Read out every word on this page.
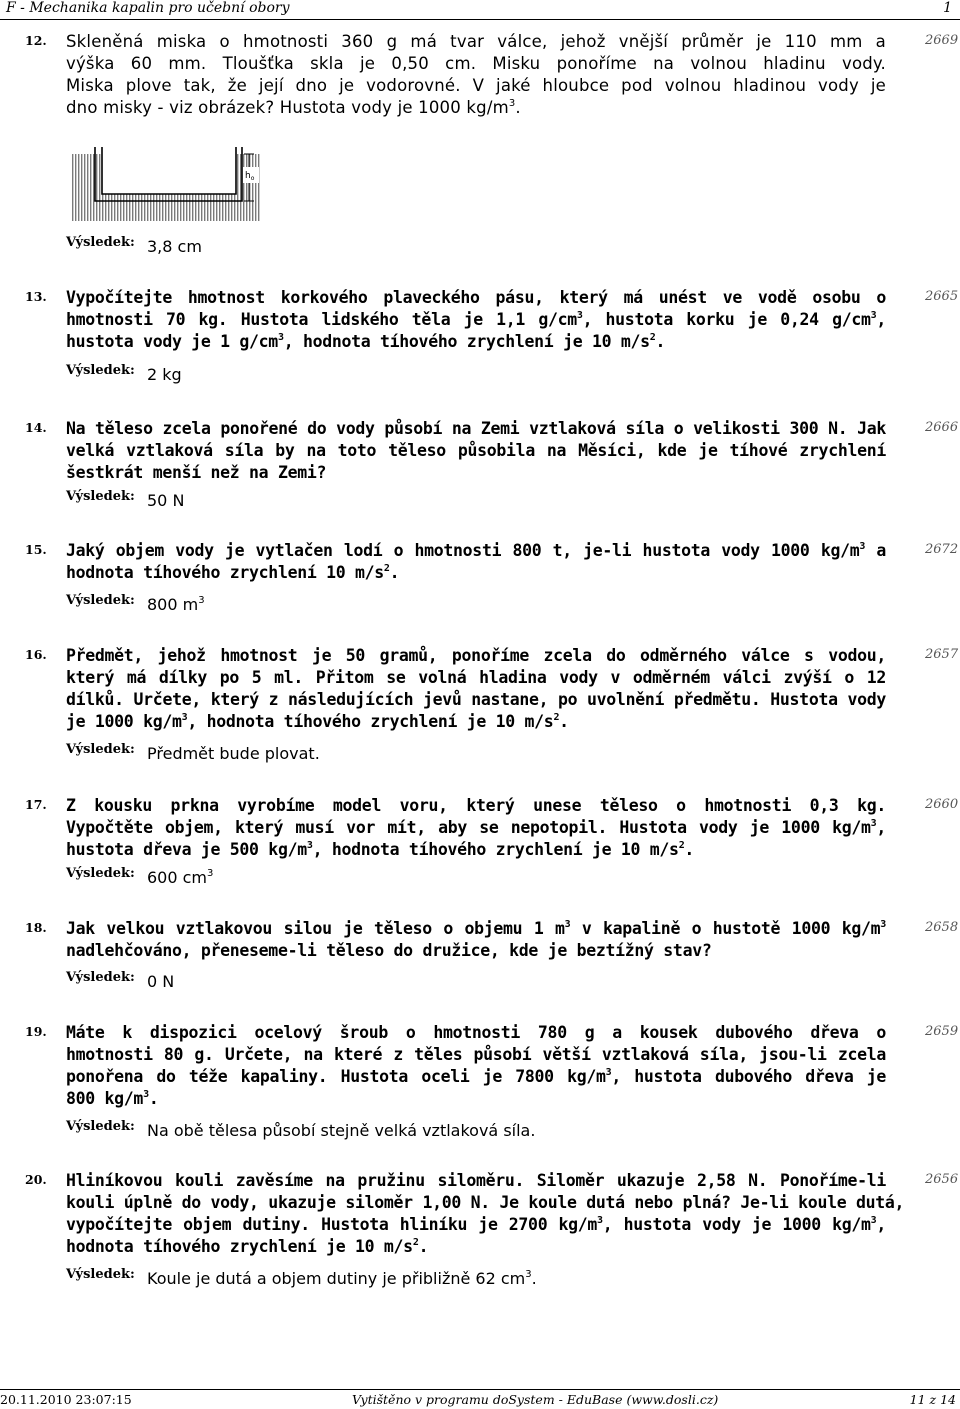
F - Mechanika kapalin pro učební obory	1
12.	2669
Skleněná miska o hmotnosti 360 g má tvar válce, jehož vnější průměr je 110 mm a
výška 60 mm. Tloušťka skla je 0,50 cm. Misku ponoříme na volnou hladinu vody.
Miska plove tak, že její dno je vodorovné. V jaké hloubce pod volnou hladinou vody je
dno misky - viz obrázek? Hustota vody je 1000 $kg/m^3$.
Výsledek: 3,8 cm
13.	2665
Vypočítejte hmotnost korkového plaveckého pásu, který má unést ve vodě osobu o
hmotnosti 70 kg. Hustota lidského těla je 1,1 $g/cm^3$, hustota korku je 0,24 $g/cm^3$,
hustota vody je 1 $g/cm^3$, hodnota tíhového zrychlení je 10 $m/s^2$.
Výsledek: 2 kg
14.	2666
Na těleso zcela ponořené do vody působí na Zemi vztlaková síla o velikosti 300 N. Jak
velká vztlaková síla by na toto těleso působila na Měsíci, kde je tíhové zrychlení
šestkrát menší než na Zemi?
Výsledek: 50 N
15.	2672
Jaký objem vody je vytlačen lodí o hmotnosti 800 t, je-li hustota vody 1000 $kg/m^3$ a
hodnota tíhového zrychlení 10 $m/s^2$.
Výsledek: 800 $m^3$
16.	2657
Předmět, jehož hmotnost je 50 gramů, ponoříme zcela do odměrného válce s vodou,
který má dílky po 5 ml. Přitom se volná hladina vody v odměrném válci zvýší o 12
dílků. Určete, který z následujících jevů nastane, po uvolnění předmětu. Hustota vody
je 1000 $kg/m^3$, hodnota tíhového zrychlení je 10 $m/s^2$.
Výsledek: Předmět bude plovat.
17.	2660
Z kousku prkna vyrobíme model voru, který unese těleso o hmotnosti 0,3 kg.
Vypočtěte objem, který musí vor mít, aby se nepotopil. Hustota vody je 1000 $kg/m^3$,
hustota dřeva je 500 $kg/m^3$, hodnota tíhového zrychlení je 10 $m/s^2$.
Výsledek: 600 $cm^3$
18.	2658
Jak velkou vztlakovou silou je těleso o objemu 1 $m^3$ v kapalině o hustotě 1000 $kg/m^3$
nadlehčováno, přeneseme-li těleso do družice, kde je beztížný stav?
Výsledek: 0 N
19.	2659
Máte k dispozici ocelový šroub o hmotnosti 780 g a kousek dubového dřeva o
hmotnosti 80 g. Určete, na které z těles působí větší vztlaková síla, jsou-li zcela
ponořena do téže kapaliny. Hustota oceli je 7800 $kg/m^3$, hustota dubového dřeva je
800 $kg/m^3$.
Výsledek: Na obě tělesa působí stejně velká vztlaková síla.
20.	2656
Hliníkovou kouli zavěsíme na pružinu siloměru. Siloměr ukazuje 2,58 N. Ponoříme-li
kouli úplně do vody, ukazuje siloměr 1,00 N. Je koule dutá nebo plná? Je-li koule dutá,
vypočítejte objem dutiny. Hustota hliníku je 2700 $kg/m^3$, hustota vody je 1000 $kg/m^3$,
hodnota tíhového zrychlení je 10 $m/s^2$.
Výsledek: Koule je dutá a objem dutiny je přibližně 62 $cm^3$.
$h_o$
20.11.2010 23:07:15	Vytištěno v programu doSystem - EduBase (www.dosli.cz)	11 z 14
